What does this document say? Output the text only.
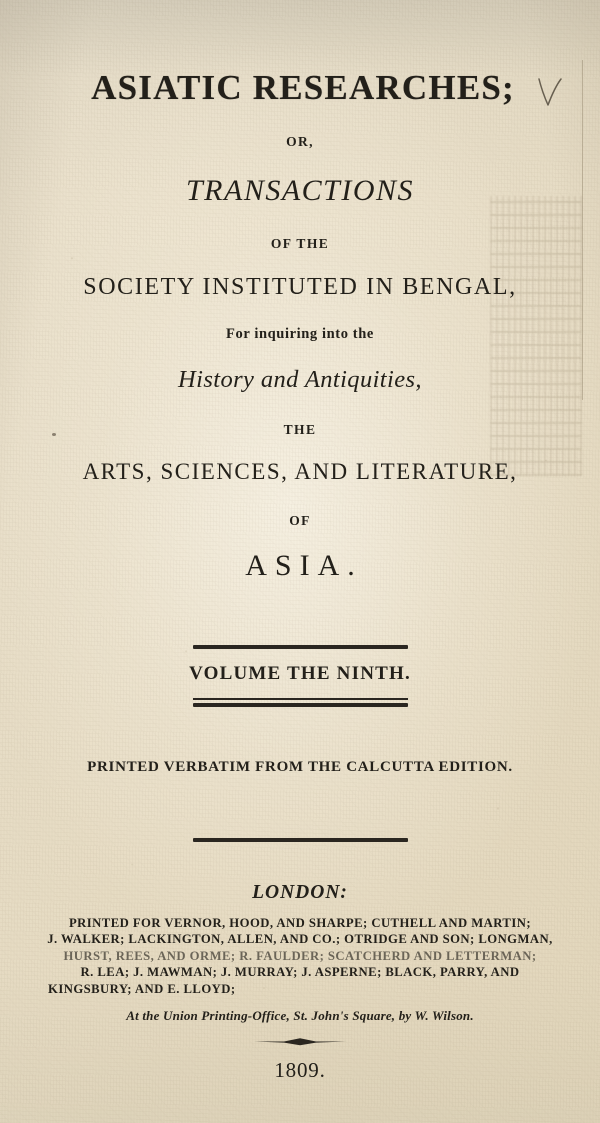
ASIATIC RESEARCHES;

OR,

TRANSACTIONS

OF THE

SOCIETY INSTITUTED IN BENGAL,

For inquiring into the

History and Antiquities,

THE

ARTS, SCIENCES, AND LITERATURE,

OF

ASIA.

VOLUME THE NINTH.

PRINTED VERBATIM FROM THE CALCUTTA EDITION.

LONDON:

PRINTED FOR VERNOR, HOOD, AND SHARPE; CUTHELL AND MARTIN;
J. WALKER; LACKINGTON, ALLEN, AND CO.; OTRIDGE AND SON; LONGMAN,
HURST, REES, AND ORME; R. FAULDER; SCATCHERD AND LETTERMAN;
R. LEA; J. MAWMAN; J. MURRAY; J. ASPERNE; BLACK, PARRY, AND
KINGSBURY; AND E. LLOYD;

At the Union Printing-Office, St. John's Square, by W. Wilson.

1809.
